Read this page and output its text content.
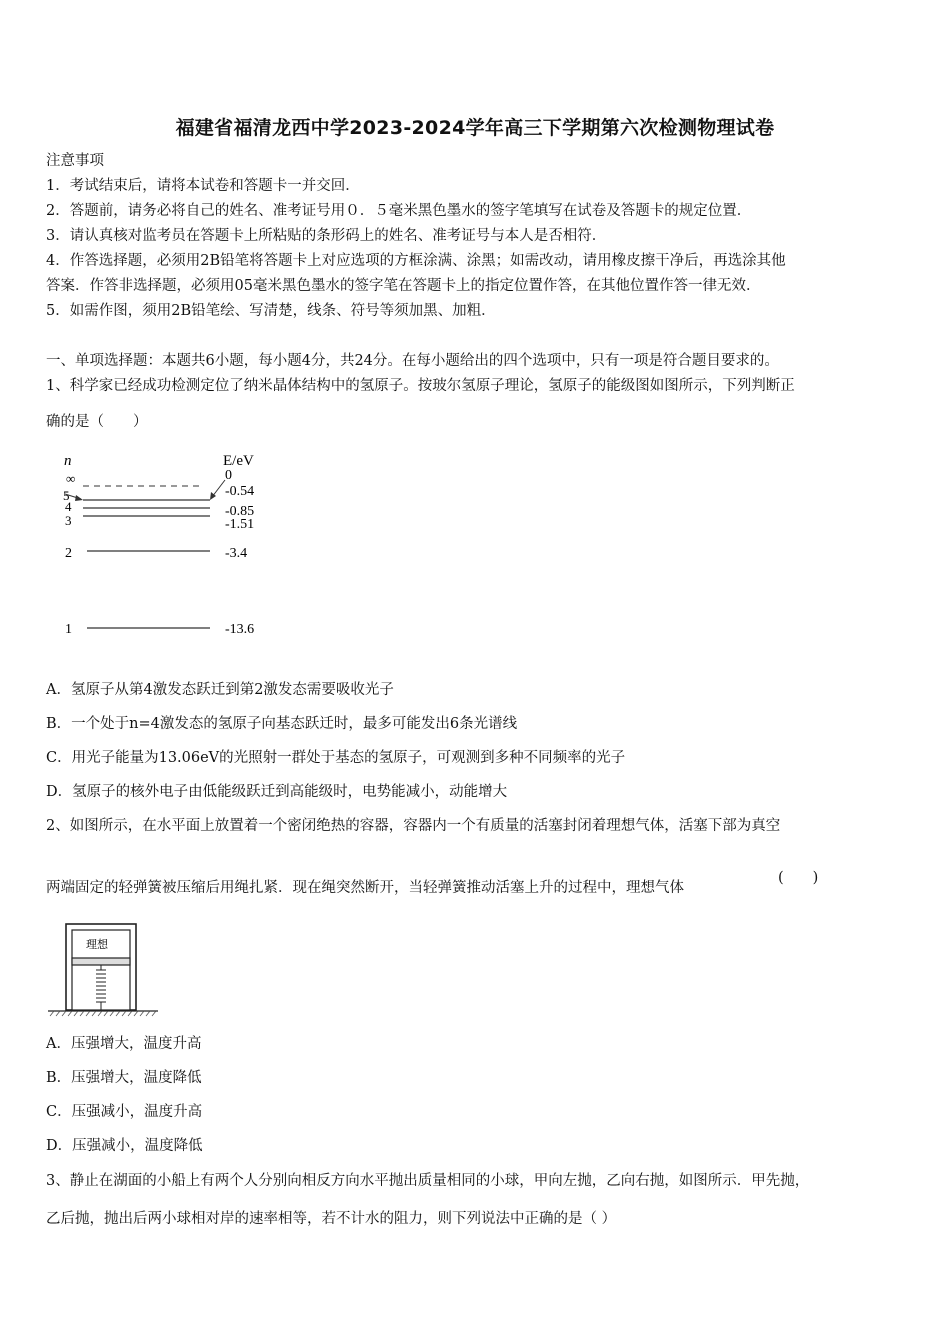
福建省福清龙西中学2023-2024学年高三下学期第六次检测物理试卷
注意事项
1．考试结束后，请将本试卷和答题卡一并交回．
2．答题前，请务必将自己的姓名、准考证号用０．５毫米黑色墨水的签字笔填写在试卷及答题卡的规定位置．
3．请认真核对监考员在答题卡上所粘贴的条形码上的姓名、准考证号与本人是否相符．
4．作答选择题，必须用2B铅笔将答题卡上对应选项的方框涂满、涂黑；如需改动，请用橡皮擦干净后，再选涂其他
答案．作答非选择题，必须用05毫米黑色墨水的签字笔在答题卡上的指定位置作答，在其他位置作答一律无效．
5．如需作图，须用2B铅笔绘、写清楚，线条、符号等须加黑、加粗．
一、单项选择题：本题共6小题，每小题4分，共24分。在每小题给出的四个选项中，只有一项是符合题目要求的。
1、科学家已经成功检测定位了纳米晶体结构中的氢原子。按玻尔氢原子理论，氢原子的能级图如图所示，下列判断正
确的是（　　）
n	E/eV
∞	0
5	-0.54
4	-0.85
3	-1.51
2	-3.4
1	-13.6
A．氢原子从第4激发态跃迁到第2激发态需要吸收光子
B．一个处于n=4激发态的氢原子向基态跃迁时，最多可能发出6条光谱线
C．用光子能量为13.06eV的光照射一群处于基态的氢原子，可观测到多种不同频率的光子
D．氢原子的核外电子由低能级跃迁到高能级时，电势能减小，动能增大
2、如图所示，在水平面上放置着一个密闭绝热的容器，容器内一个有质量的活塞封闭着理想气体，活塞下部为真空
两端固定的轻弹簧被压缩后用绳扎紧．现在绳突然断开，当轻弹簧推动活塞上升的过程中，理想气体
(　　)
理想
A．压强增大，温度升高
B．压强增大，温度降低
C．压强减小，温度升高
D．压强减小，温度降低
3、静止在湖面的小船上有两个人分别向相反方向水平抛出质量相同的小球，甲向左抛，乙向右抛，如图所示．甲先抛，
乙后抛，抛出后两小球相对岸的速率相等，若不计水的阻力，则下列说法中正确的是（ ）
